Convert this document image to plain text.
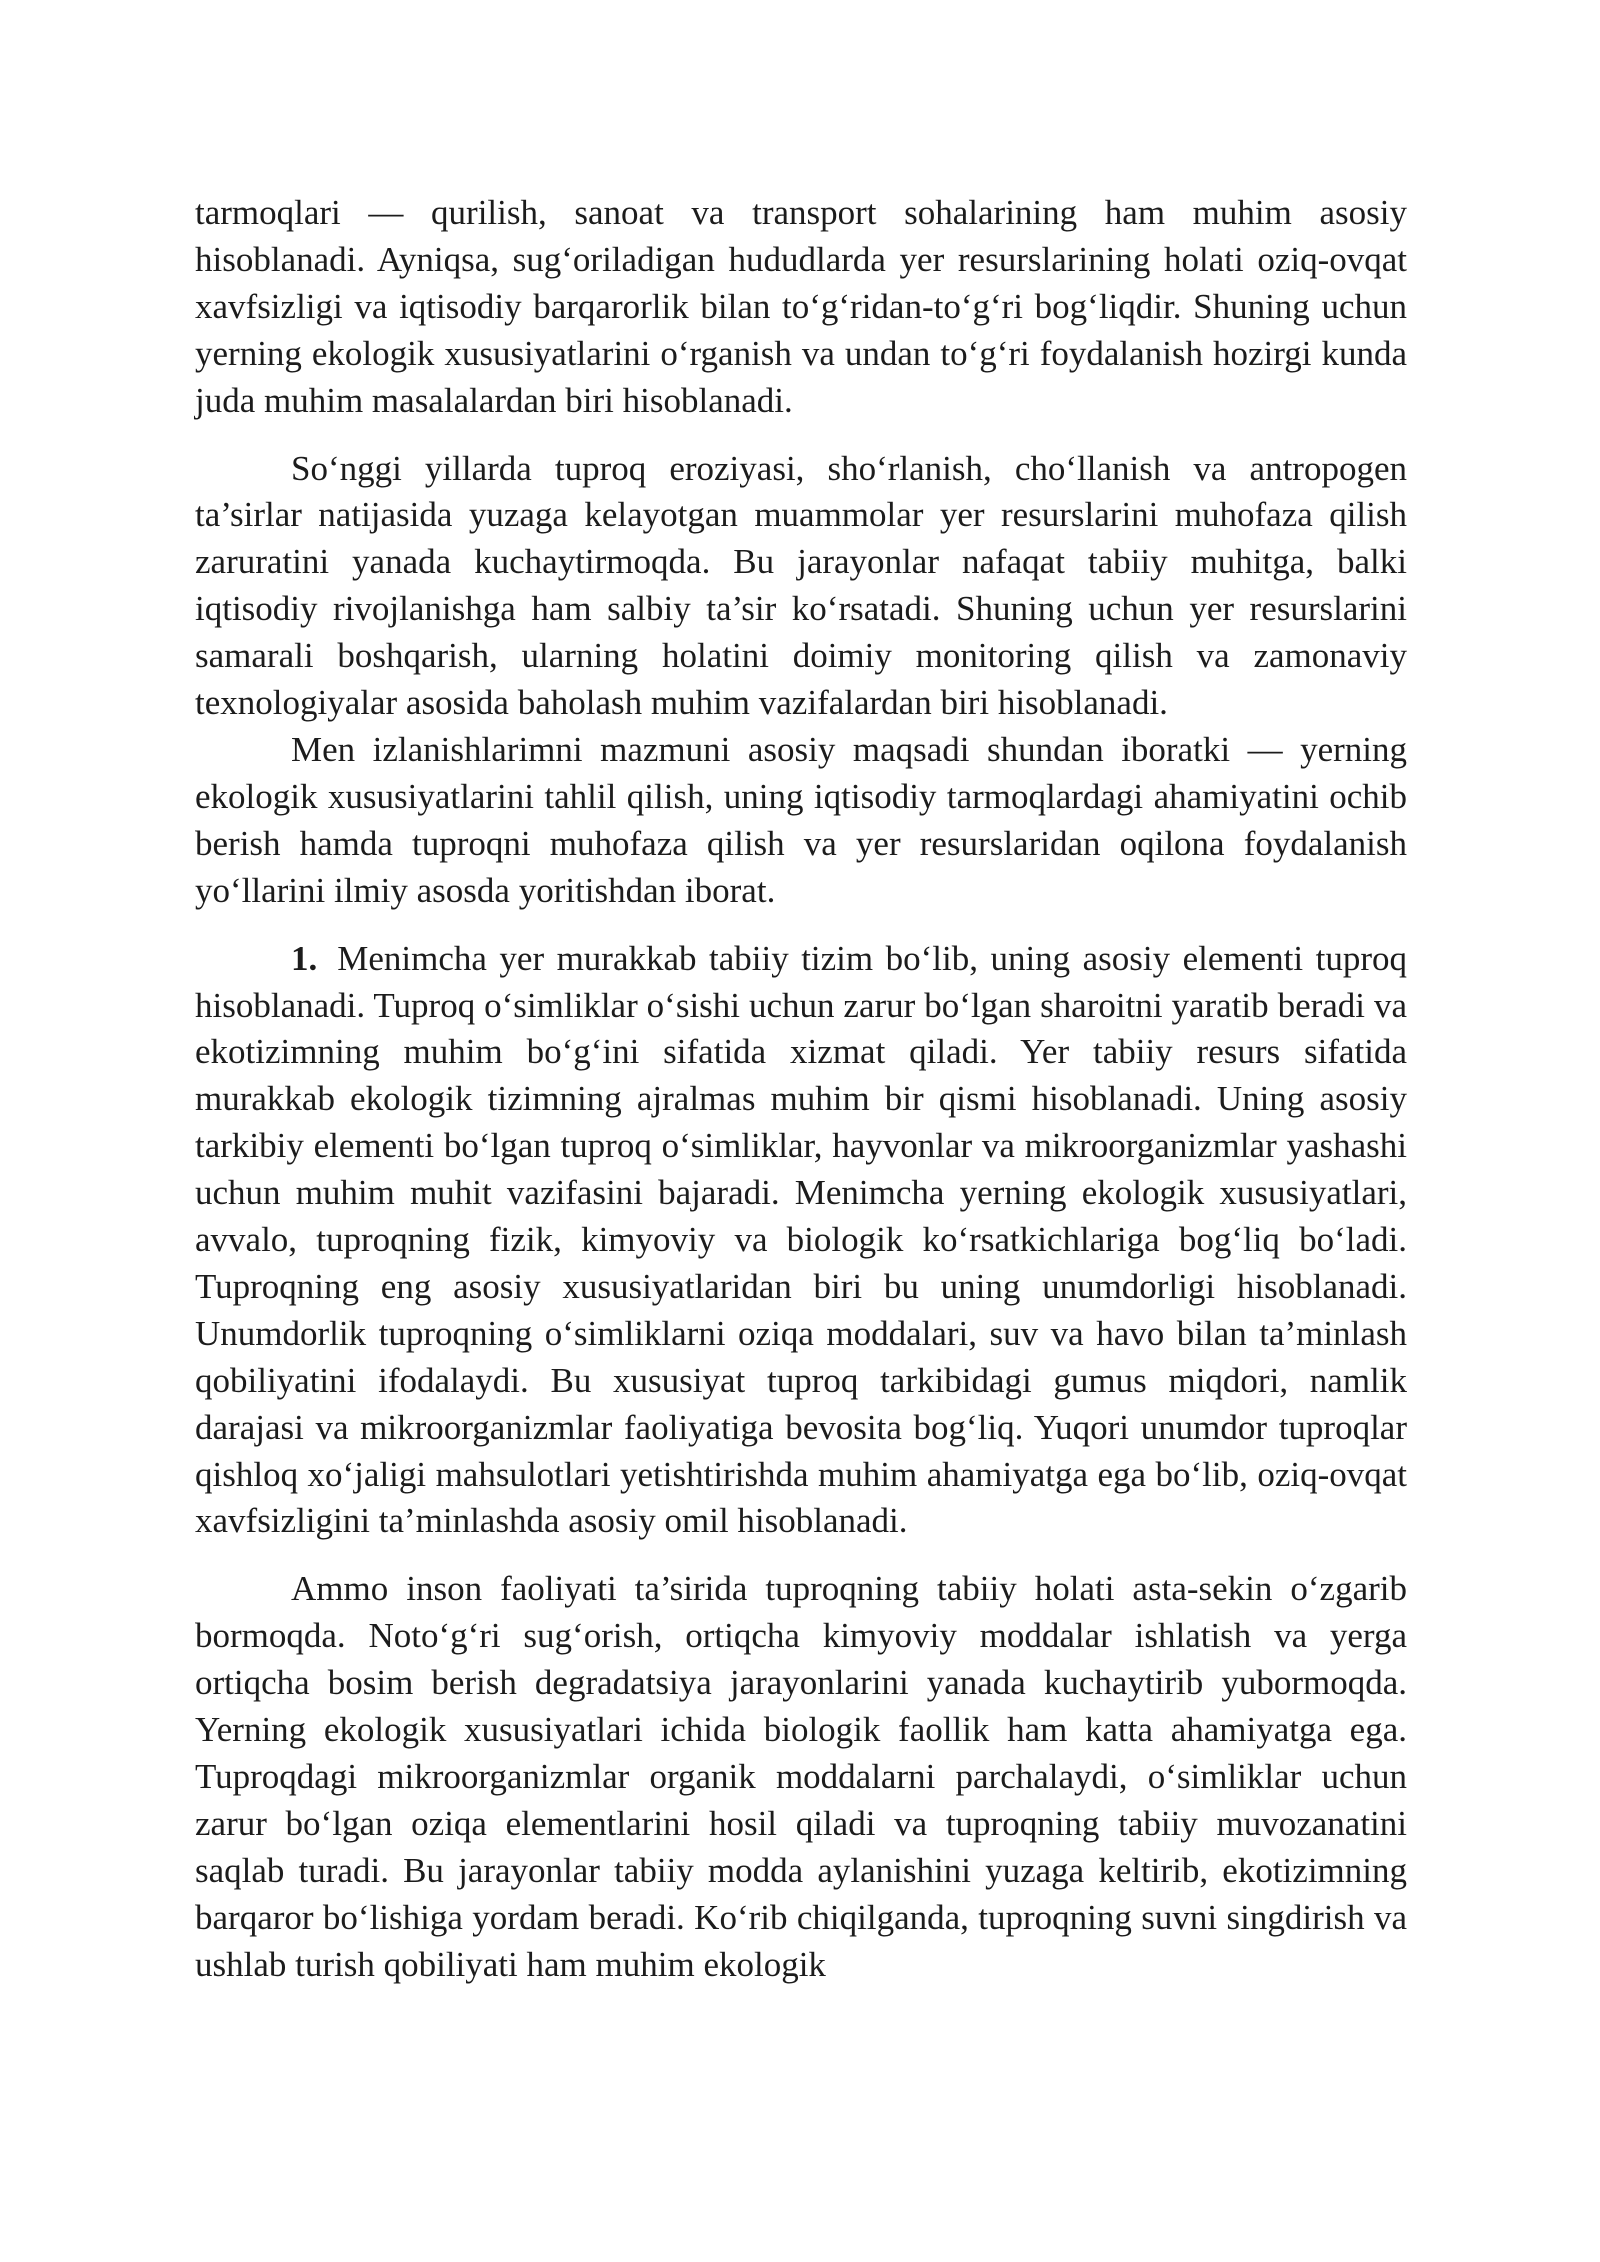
tarmoqlari — qurilish, sanoat va transport sohalarining ham muhim asosiy hisoblanadi. Ayniqsa, sug‘oriladigan hududlarda yer resurslarining holati oziq-ovqat xavfsizligi va iqtisodiy barqarorlik bilan to‘g‘ridan-to‘g‘ri bog‘liqdir. Shuning uchun yerning ekologik xususiyatlarini o‘rganish va undan to‘g‘ri foydalanish hozirgi kunda juda muhim masalalardan biri hisoblanadi.

So‘nggi yillarda tuproq eroziyasi, sho‘rlanish, cho‘llanish va antropogen ta’sirlar natijasida yuzaga kelayotgan muammolar yer resurslarini muhofaza qilish zaruratini yanada kuchaytirmoqda. Bu jarayonlar nafaqat tabiiy muhitga, balki iqtisodiy rivojlanishga ham salbiy ta’sir ko‘rsatadi. Shuning uchun yer resurslarini samarali boshqarish, ularning holatini doimiy monitoring qilish va zamonaviy texnologiyalar asosida baholash muhim vazifalardan biri hisoblanadi.

Men izlanishlarimni mazmuni asosiy maqsadi shundan iboratki — yerning ekologik xususiyatlarini tahlil qilish, uning iqtisodiy tarmoqlardagi ahamiyatini ochib berish hamda tuproqni muhofaza qilish va yer resurslaridan oqilona foydalanish yo‘llarini ilmiy asosda yoritishdan iborat.

1. Menimcha yer murakkab tabiiy tizim bo‘lib, uning asosiy elementi tuproq hisoblanadi. Tuproq o‘simliklar o‘sishi uchun zarur bo‘lgan sharoitni yaratib beradi va ekotizimning muhim bo‘g‘ini sifatida xizmat qiladi. Yer tabiiy resurs sifatida murakkab ekologik tizimning ajralmas muhim bir qismi hisoblanadi. Uning asosiy tarkibiy elementi bo‘lgan tuproq o‘simliklar, hayvonlar va mikroorganizmlar yashashi uchun muhim muhit vazifasini bajaradi. Menimcha yerning ekologik xususiyatlari, avvalo, tuproqning fizik, kimyoviy va biologik ko‘rsatkichlariga bog‘liq bo‘ladi. Tuproqning eng asosiy xususiyatlaridan biri bu uning unumdorligi hisoblanadi. Unumdorlik tuproqning o‘simliklarni oziqa moddalari, suv va havo bilan ta’minlash qobiliyatini ifodalaydi. Bu xususiyat tuproq tarkibidagi gumus miqdori, namlik darajasi va mikroorganizmlar faoliyatiga bevosita bog‘liq. Yuqori unumdor tuproqlar qishloq xo‘jaligi mahsulotlari yetishtirishda muhim ahamiyatga ega bo‘lib, oziq-ovqat xavfsizligini ta’minlashda asosiy omil hisoblanadi.

Ammo inson faoliyati ta’sirida tuproqning tabiiy holati asta-sekin o‘zgarib bormoqda. Noto‘g‘ri sug‘orish, ortiqcha kimyoviy moddalar ishlatish va yerga ortiqcha bosim berish degradatsiya jarayonlarini yanada kuchaytirib yubormoqda. Yerning ekologik xususiyatlari ichida biologik faollik ham katta ahamiyatga ega. Tuproqdagi mikroorganizmlar organik moddalarni parchalaydi, o‘simliklar uchun zarur bo‘lgan oziqa elementlarini hosil qiladi va tuproqning tabiiy muvozanatini saqlab turadi. Bu jarayonlar tabiiy modda aylanishini yuzaga keltirib, ekotizimning barqaror bo‘lishiga yordam beradi. Ko‘rib chiqilganda, tuproqning suvni singdirish va ushlab turish qobiliyati ham muhim ekologik
